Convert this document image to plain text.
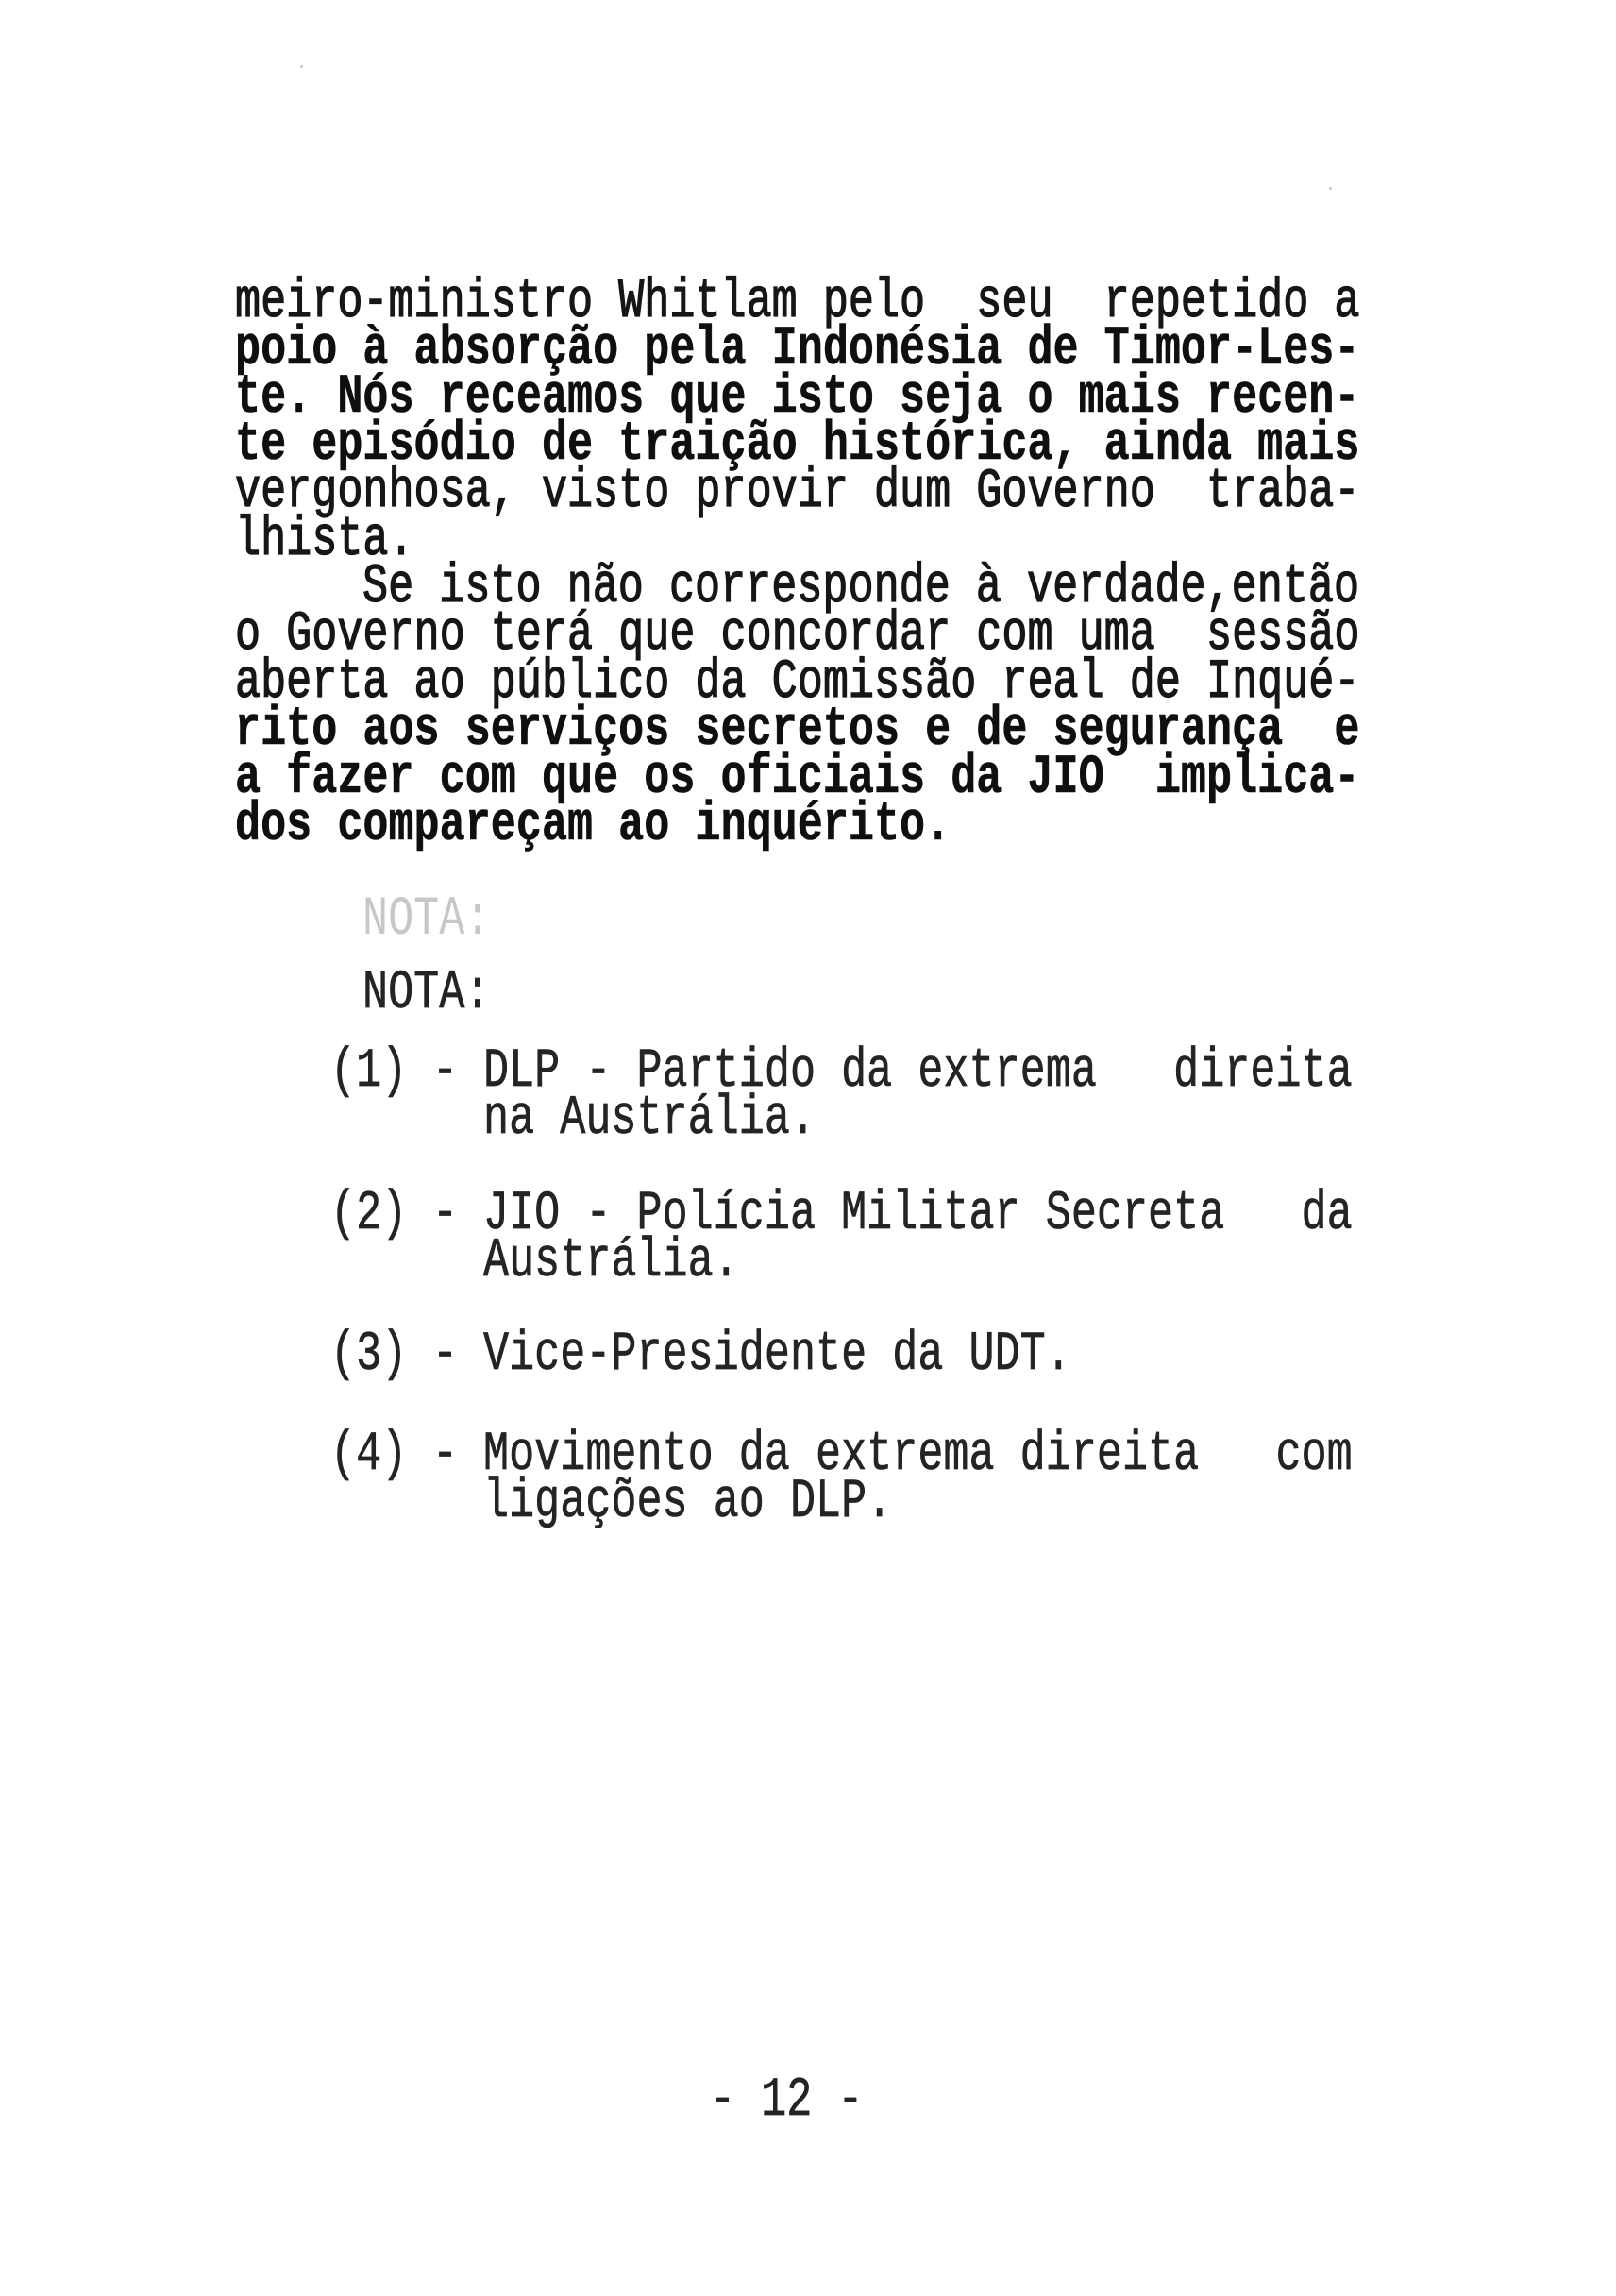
meiro-ministro Whitlam pelo  seu  repetido a
poio à absorção pela Indonésia de Timor-Les-
te. Nós receamos que isto seja o mais recen-
te episódio de traição histórica, ainda mais
vergonhosa, visto provir dum Governo  traba-
lhista.
Se isto não corresponde à verdade,então
o Governo terá que concordar com uma  sessão
aberta ao público da Comissão real de Inqué-
rito aos serviços secretos e de segurança  e
a fazer com que os oficiais da JIO  implica-
dos compareçam ao inquérito.
NOTA:
NOTA:
(1) - DLP - Partido da extrema   direita
na Austrália.
(2) - JIO - Polícia Militar Secreta   da
Austrália.
(3) - Vice-Presidente da UDT.
(4) - Movimento da extrema direita   com
ligações ao DLP.
- 12 -
